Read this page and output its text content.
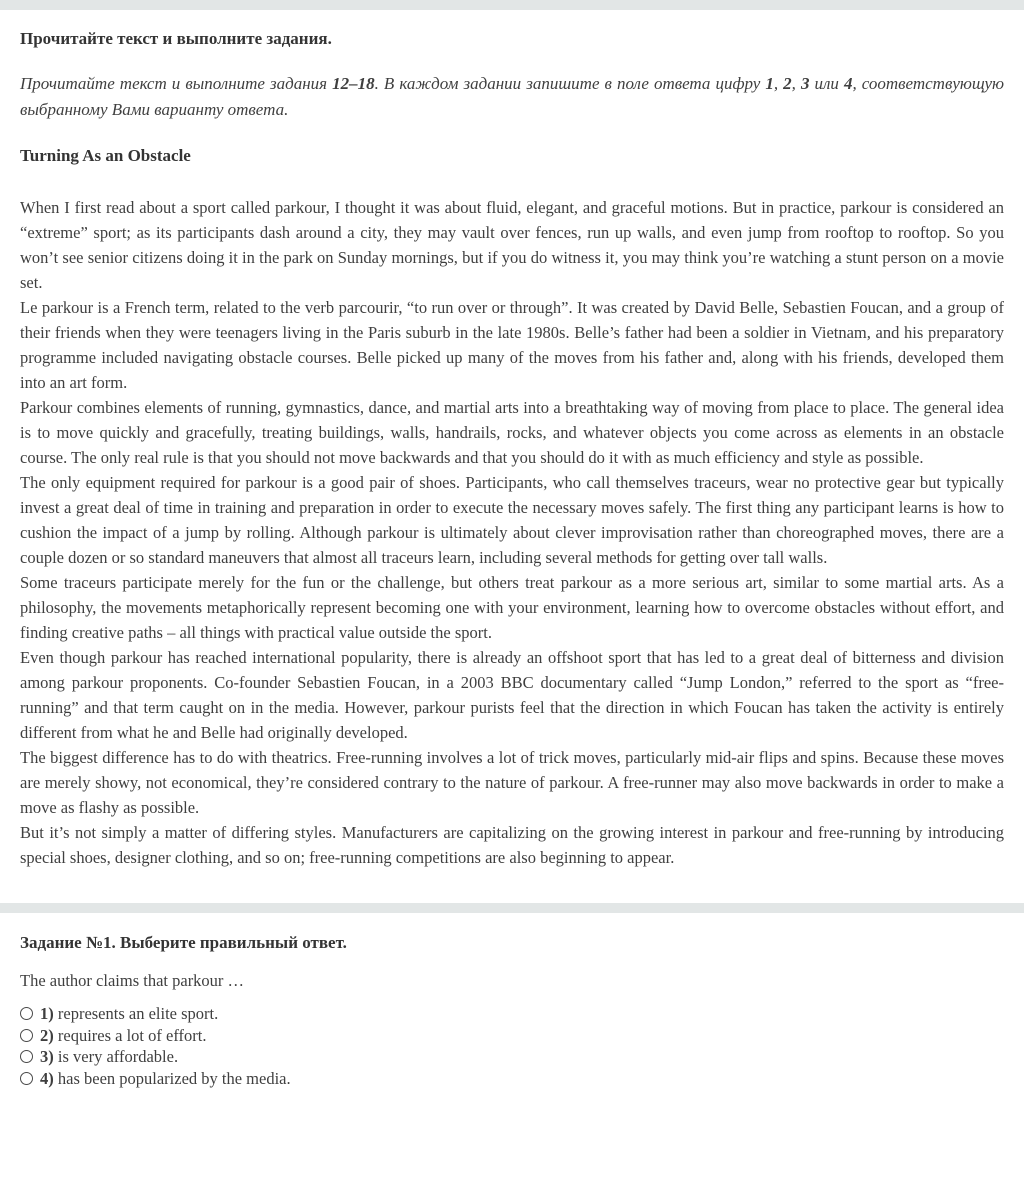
Прочитайте текст и выполните задания.

Прочитайте текст и выполните задания 12–18. В каждом задании запишите в поле ответа цифру 1, 2, 3 или 4, соответствующую выбранному Вами варианту ответа.

Turning As an Obstacle

When I first read about a sport called parkour, I thought it was about fluid, elegant, and graceful motions. But in practice, parkour is considered an “extreme” sport; as its participants dash around a city, they may vault over fences, run up walls, and even jump from rooftop to rooftop. So you won’t see senior citizens doing it in the park on Sunday mornings, but if you do witness it, you may think you’re watching a stunt person on a movie set.

Le parkour is a French term, related to the verb parcourir, “to run over or through”. It was created by David Belle, Sebastien Foucan, and a group of their friends when they were teenagers living in the Paris suburb in the late 1980s. Belle’s father had been a soldier in Vietnam, and his preparatory programme included navigating obstacle courses. Belle picked up many of the moves from his father and, along with his friends, developed them into an art form.

Parkour combines elements of running, gymnastics, dance, and martial arts into a breathtaking way of moving from place to place. The general idea is to move quickly and gracefully, treating buildings, walls, handrails, rocks, and whatever objects you come across as elements in an obstacle course. The only real rule is that you should not move backwards and that you should do it with as much efficiency and style as possible.

The only equipment required for parkour is a good pair of shoes. Participants, who call themselves traceurs, wear no protective gear but typically invest a great deal of time in training and preparation in order to execute the necessary moves safely. The first thing any participant learns is how to cushion the impact of a jump by rolling. Although parkour is ultimately about clever improvisation rather than choreographed moves, there are a couple dozen or so standard maneuvers that almost all traceurs learn, including several methods for getting over tall walls.

Some traceurs participate merely for the fun or the challenge, but others treat parkour as a more serious art, similar to some martial arts. As a philosophy, the movements metaphorically represent becoming one with your environment, learning how to overcome obstacles without effort, and finding creative paths – all things with practical value outside the sport.

Even though parkour has reached international popularity, there is already an offshoot sport that has led to a great deal of bitterness and division among parkour proponents. Co-founder Sebastien Foucan, in a 2003 BBC documentary called “Jump London,” referred to the sport as “free-running” and that term caught on in the media. However, parkour purists feel that the direction in which Foucan has taken the activity is entirely different from what he and Belle had originally developed.

The biggest difference has to do with theatrics. Free-running involves a lot of trick moves, particularly mid-air flips and spins. Because these moves are merely showy, not economical, they’re considered contrary to the nature of parkour. A free-runner may also move backwards in order to make a move as flashy as possible.

But it’s not simply a matter of differing styles. Manufacturers are capitalizing on the growing interest in parkour and free-running by introducing special shoes, designer clothing, and so on; free-running competitions are also beginning to appear.

Задание №1. Выберите правильный ответ.

The author claims that parkour …

1)
represents an elite sport.
2)
requires a lot of effort.
3)
is very affordable.
4)
has been popularized by the media.
